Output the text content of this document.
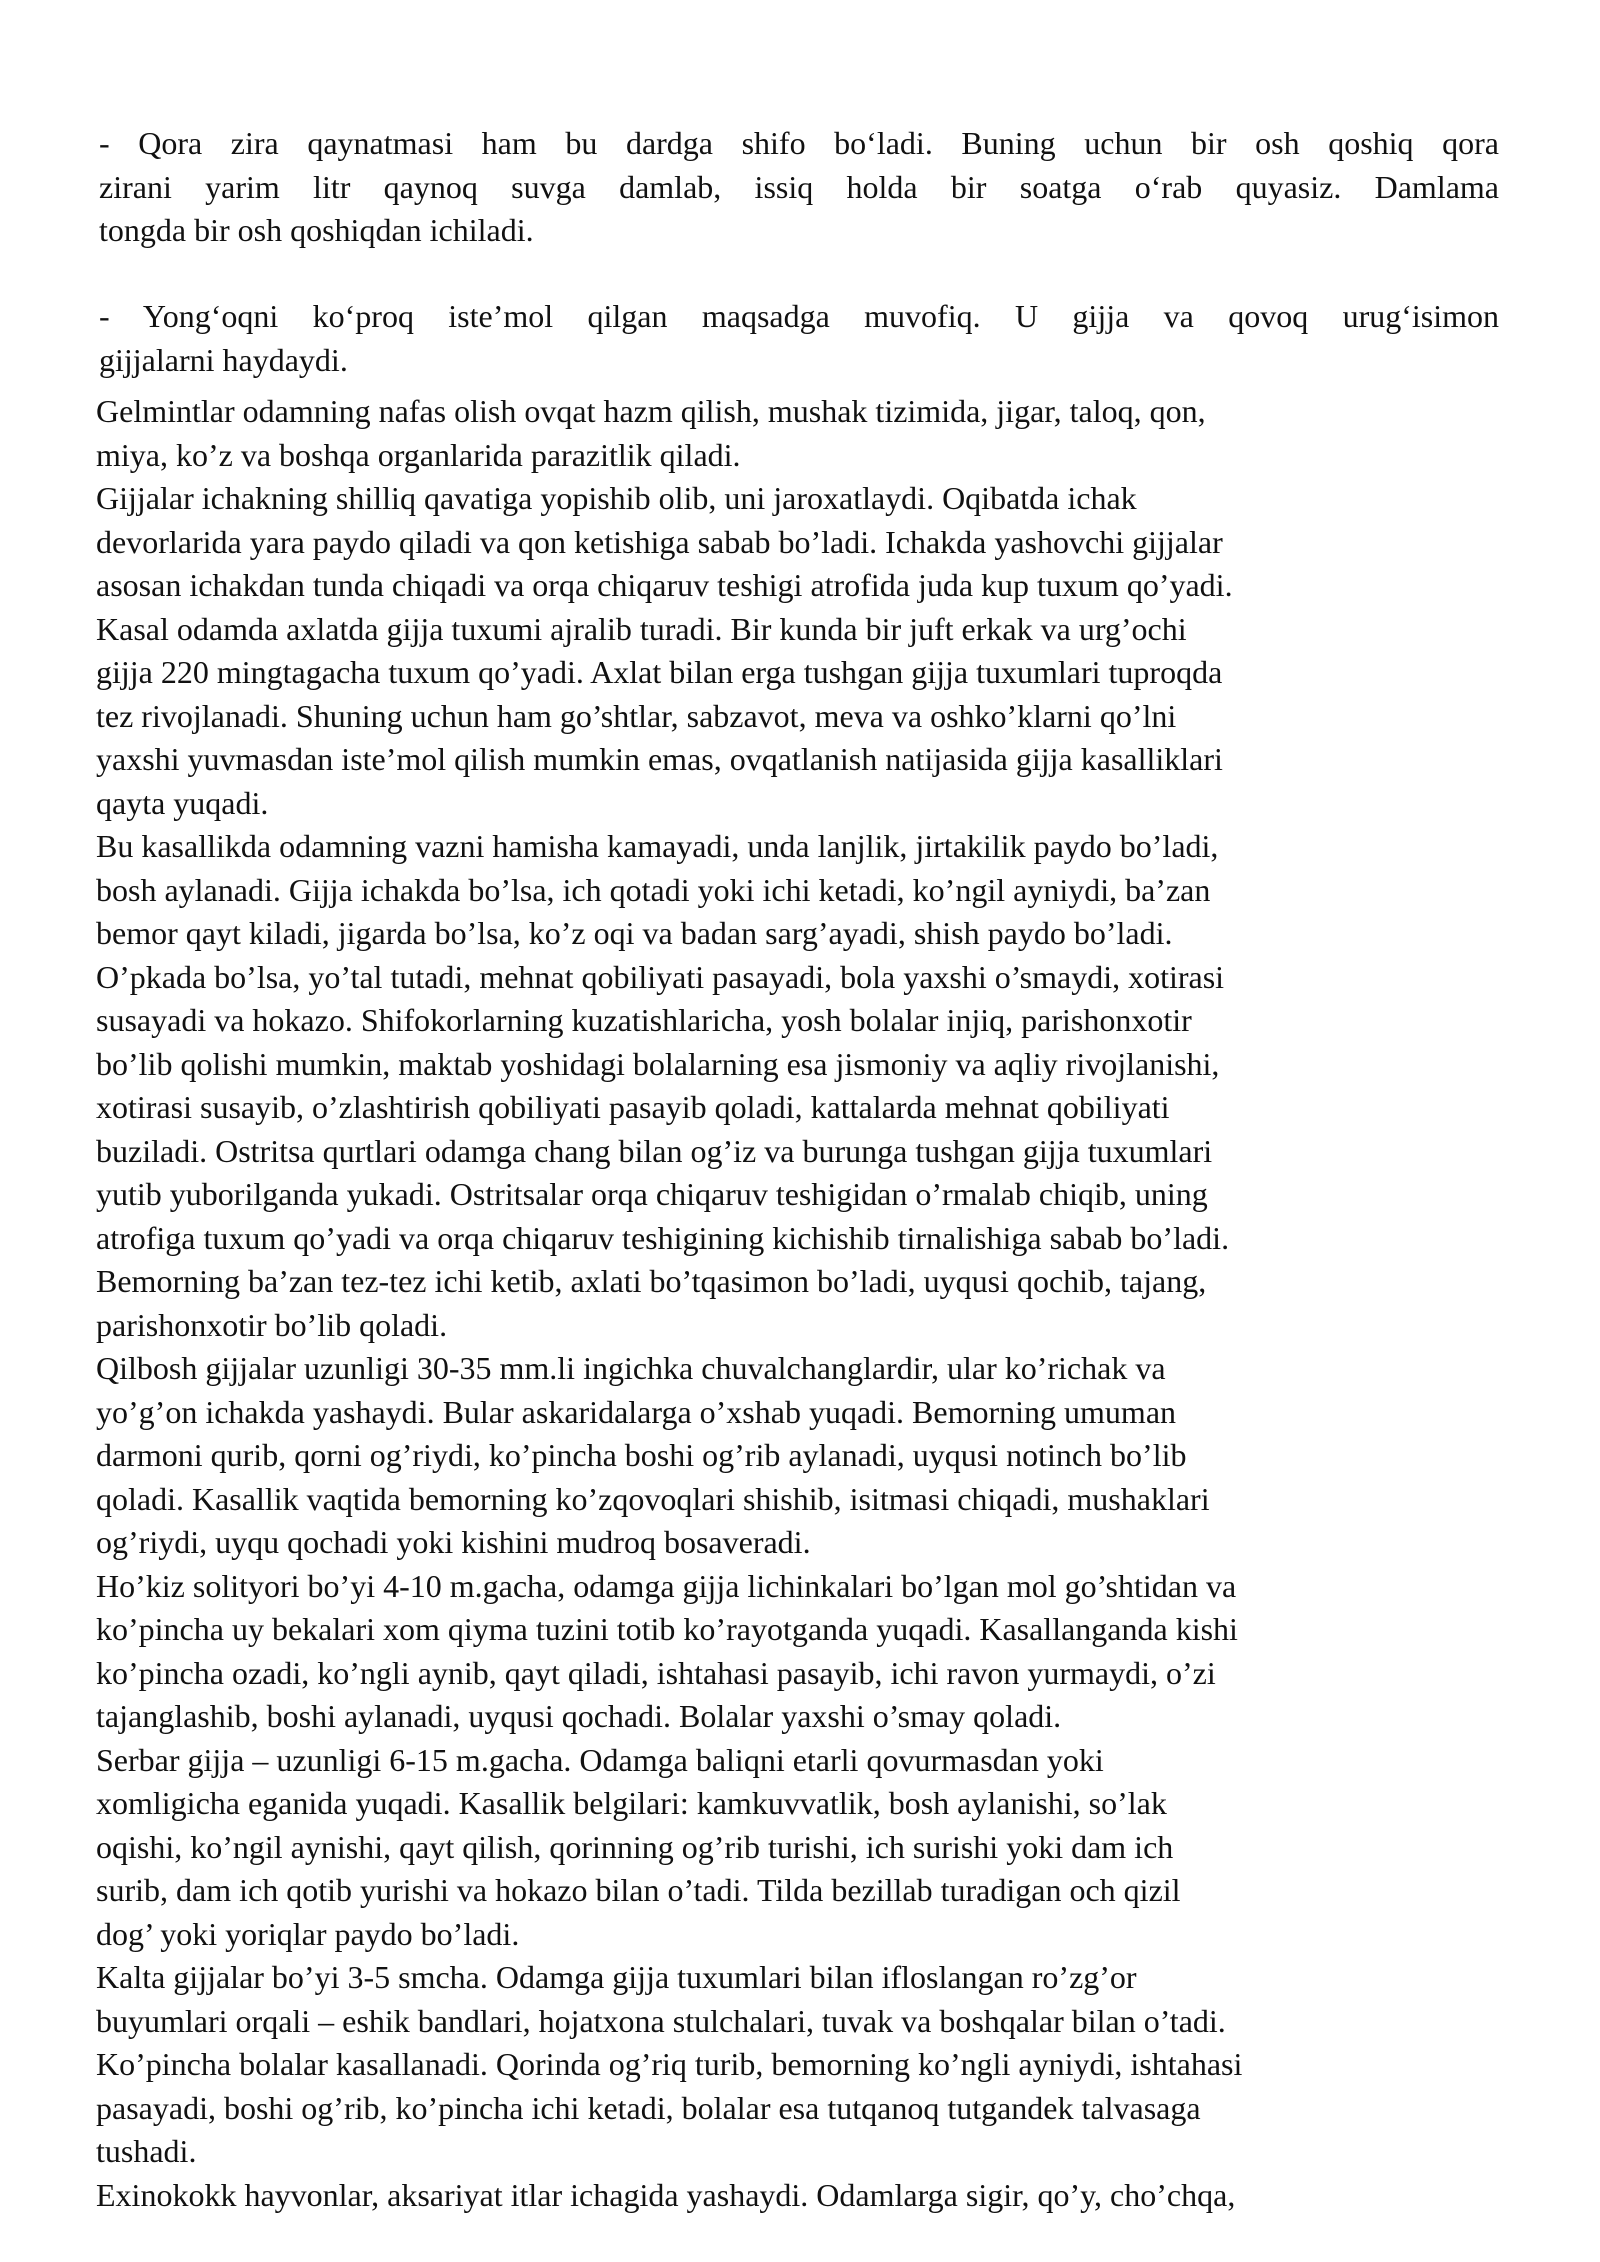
- Qora zira qaynatmasi ham bu dardga shifo bo‘ladi. Buning uchun bir osh qoshiq qora
zirani yarim litr qaynoq suvga damlab, issiq holda bir soatga o‘rab quyasiz. Damlama
tongda bir osh qoshiqdan ichiladi.
- Yong‘oqni ko‘proq iste’mol qilgan maqsadga muvofiq. U gijja va qovoq urug‘isimon
gijjalarni haydaydi.
Gelmintlar odamning nafas olish ovqat hazm qilish, mushak tizimida, jigar, taloq, qon,
miya, ko’z va boshqa organlarida parazitlik qiladi.
Gijjalar ichakning shilliq qavatiga yopishib olib, uni jaroxatlaydi. Oqibatda ichak
devorlarida yara paydo qiladi va qon ketishiga sabab bo’ladi. Ichakda yashovchi gijjalar
asosan ichakdan tunda chiqadi va orqa chiqaruv teshigi atrofida juda kup tuxum qo’yadi.
Kasal odamda axlatda gijja tuxumi ajralib turadi. Bir kunda bir juft erkak va urg’ochi
gijja 220 mingtagacha tuxum qo’yadi. Axlat bilan erga tushgan gijja tuxumlari tuproqda
tez rivojlanadi. Shuning uchun ham go’shtlar, sabzavot, meva va oshko’klarni qo’lni
yaxshi yuvmasdan iste’mol qilish mumkin emas, ovqatlanish natijasida gijja kasalliklari
qayta yuqadi.
Bu kasallikda odamning vazni hamisha kamayadi, unda lanjlik, jirtakilik paydo bo’ladi,
bosh aylanadi. Gijja ichakda bo’lsa, ich qotadi yoki ichi ketadi, ko’ngil ayniydi, ba’zan
bemor qayt kiladi, jigarda bo’lsa, ko’z oqi va badan sarg’ayadi, shish paydo bo’ladi.
O’pkada bo’lsa, yo’tal tutadi, mehnat qobiliyati pasayadi, bola yaxshi o’smaydi, xotirasi
susayadi va hokazo. Shifokorlarning kuzatishlaricha, yosh bolalar injiq, parishonxotir
bo’lib qolishi mumkin, maktab yoshidagi bolalarning esa jismoniy va aqliy rivojlanishi,
xotirasi susayib, o’zlashtirish qobiliyati pasayib qoladi, kattalarda mehnat qobiliyati
buziladi. Ostritsa qurtlari odamga chang bilan og’iz va burunga tushgan gijja tuxumlari
yutib yuborilganda yukadi. Ostritsalar orqa chiqaruv teshigidan o’rmalab chiqib, uning
atrofiga tuxum qo’yadi va orqa chiqaruv teshigining kichishib tirnalishiga sabab bo’ladi.
Bemorning ba’zan tez-tez ichi ketib, axlati bo’tqasimon bo’ladi, uyqusi qochib, tajang,
parishonxotir bo’lib qoladi.
Qilbosh gijjalar uzunligi 30-35 mm.li ingichka chuvalchanglardir, ular ko’richak va
yo’g’on ichakda yashaydi. Bular askaridalarga o’xshab yuqadi. Bemorning umuman
darmoni qurib, qorni og’riydi, ko’pincha boshi og’rib aylanadi, uyqusi notinch bo’lib
qoladi. Kasallik vaqtida bemorning ko’zqovoqlari shishib, isitmasi chiqadi, mushaklari
og’riydi, uyqu qochadi yoki kishini mudroq bosaveradi.
Ho’kiz solityori bo’yi 4-10 m.gacha, odamga gijja lichinkalari bo’lgan mol go’shtidan va
ko’pincha uy bekalari xom qiyma tuzini totib ko’rayotganda yuqadi. Kasallanganda kishi
ko’pincha ozadi, ko’ngli aynib, qayt qiladi, ishtahasi pasayib, ichi ravon yurmaydi, o’zi
tajanglashib, boshi aylanadi, uyqusi qochadi. Bolalar yaxshi o’smay qoladi.
Serbar gijja – uzunligi 6-15 m.gacha. Odamga baliqni etarli qovurmasdan yoki
xomligicha eganida yuqadi. Kasallik belgilari: kamkuvvatlik, bosh aylanishi, so’lak
oqishi, ko’ngil aynishi, qayt qilish, qorinning og’rib turishi, ich surishi yoki dam ich
surib, dam ich qotib yurishi va hokazo bilan o’tadi. Tilda bezillab turadigan och qizil
dog’ yoki yoriqlar paydo bo’ladi.
Kalta gijjalar bo’yi 3-5 smcha. Odamga gijja tuxumlari bilan ifloslangan ro’zg’or
buyumlari orqali – eshik bandlari, hojatxona stulchalari, tuvak va boshqalar bilan o’tadi.
Ko’pincha bolalar kasallanadi. Qorinda og’riq turib, bemorning ko’ngli ayniydi, ishtahasi
pasayadi, boshi og’rib, ko’pincha ichi ketadi, bolalar esa tutqanoq tutgandek talvasaga
tushadi.
Exinokokk hayvonlar, aksariyat itlar ichagida yashaydi. Odamlarga sigir, qo’y, cho’chqa,
